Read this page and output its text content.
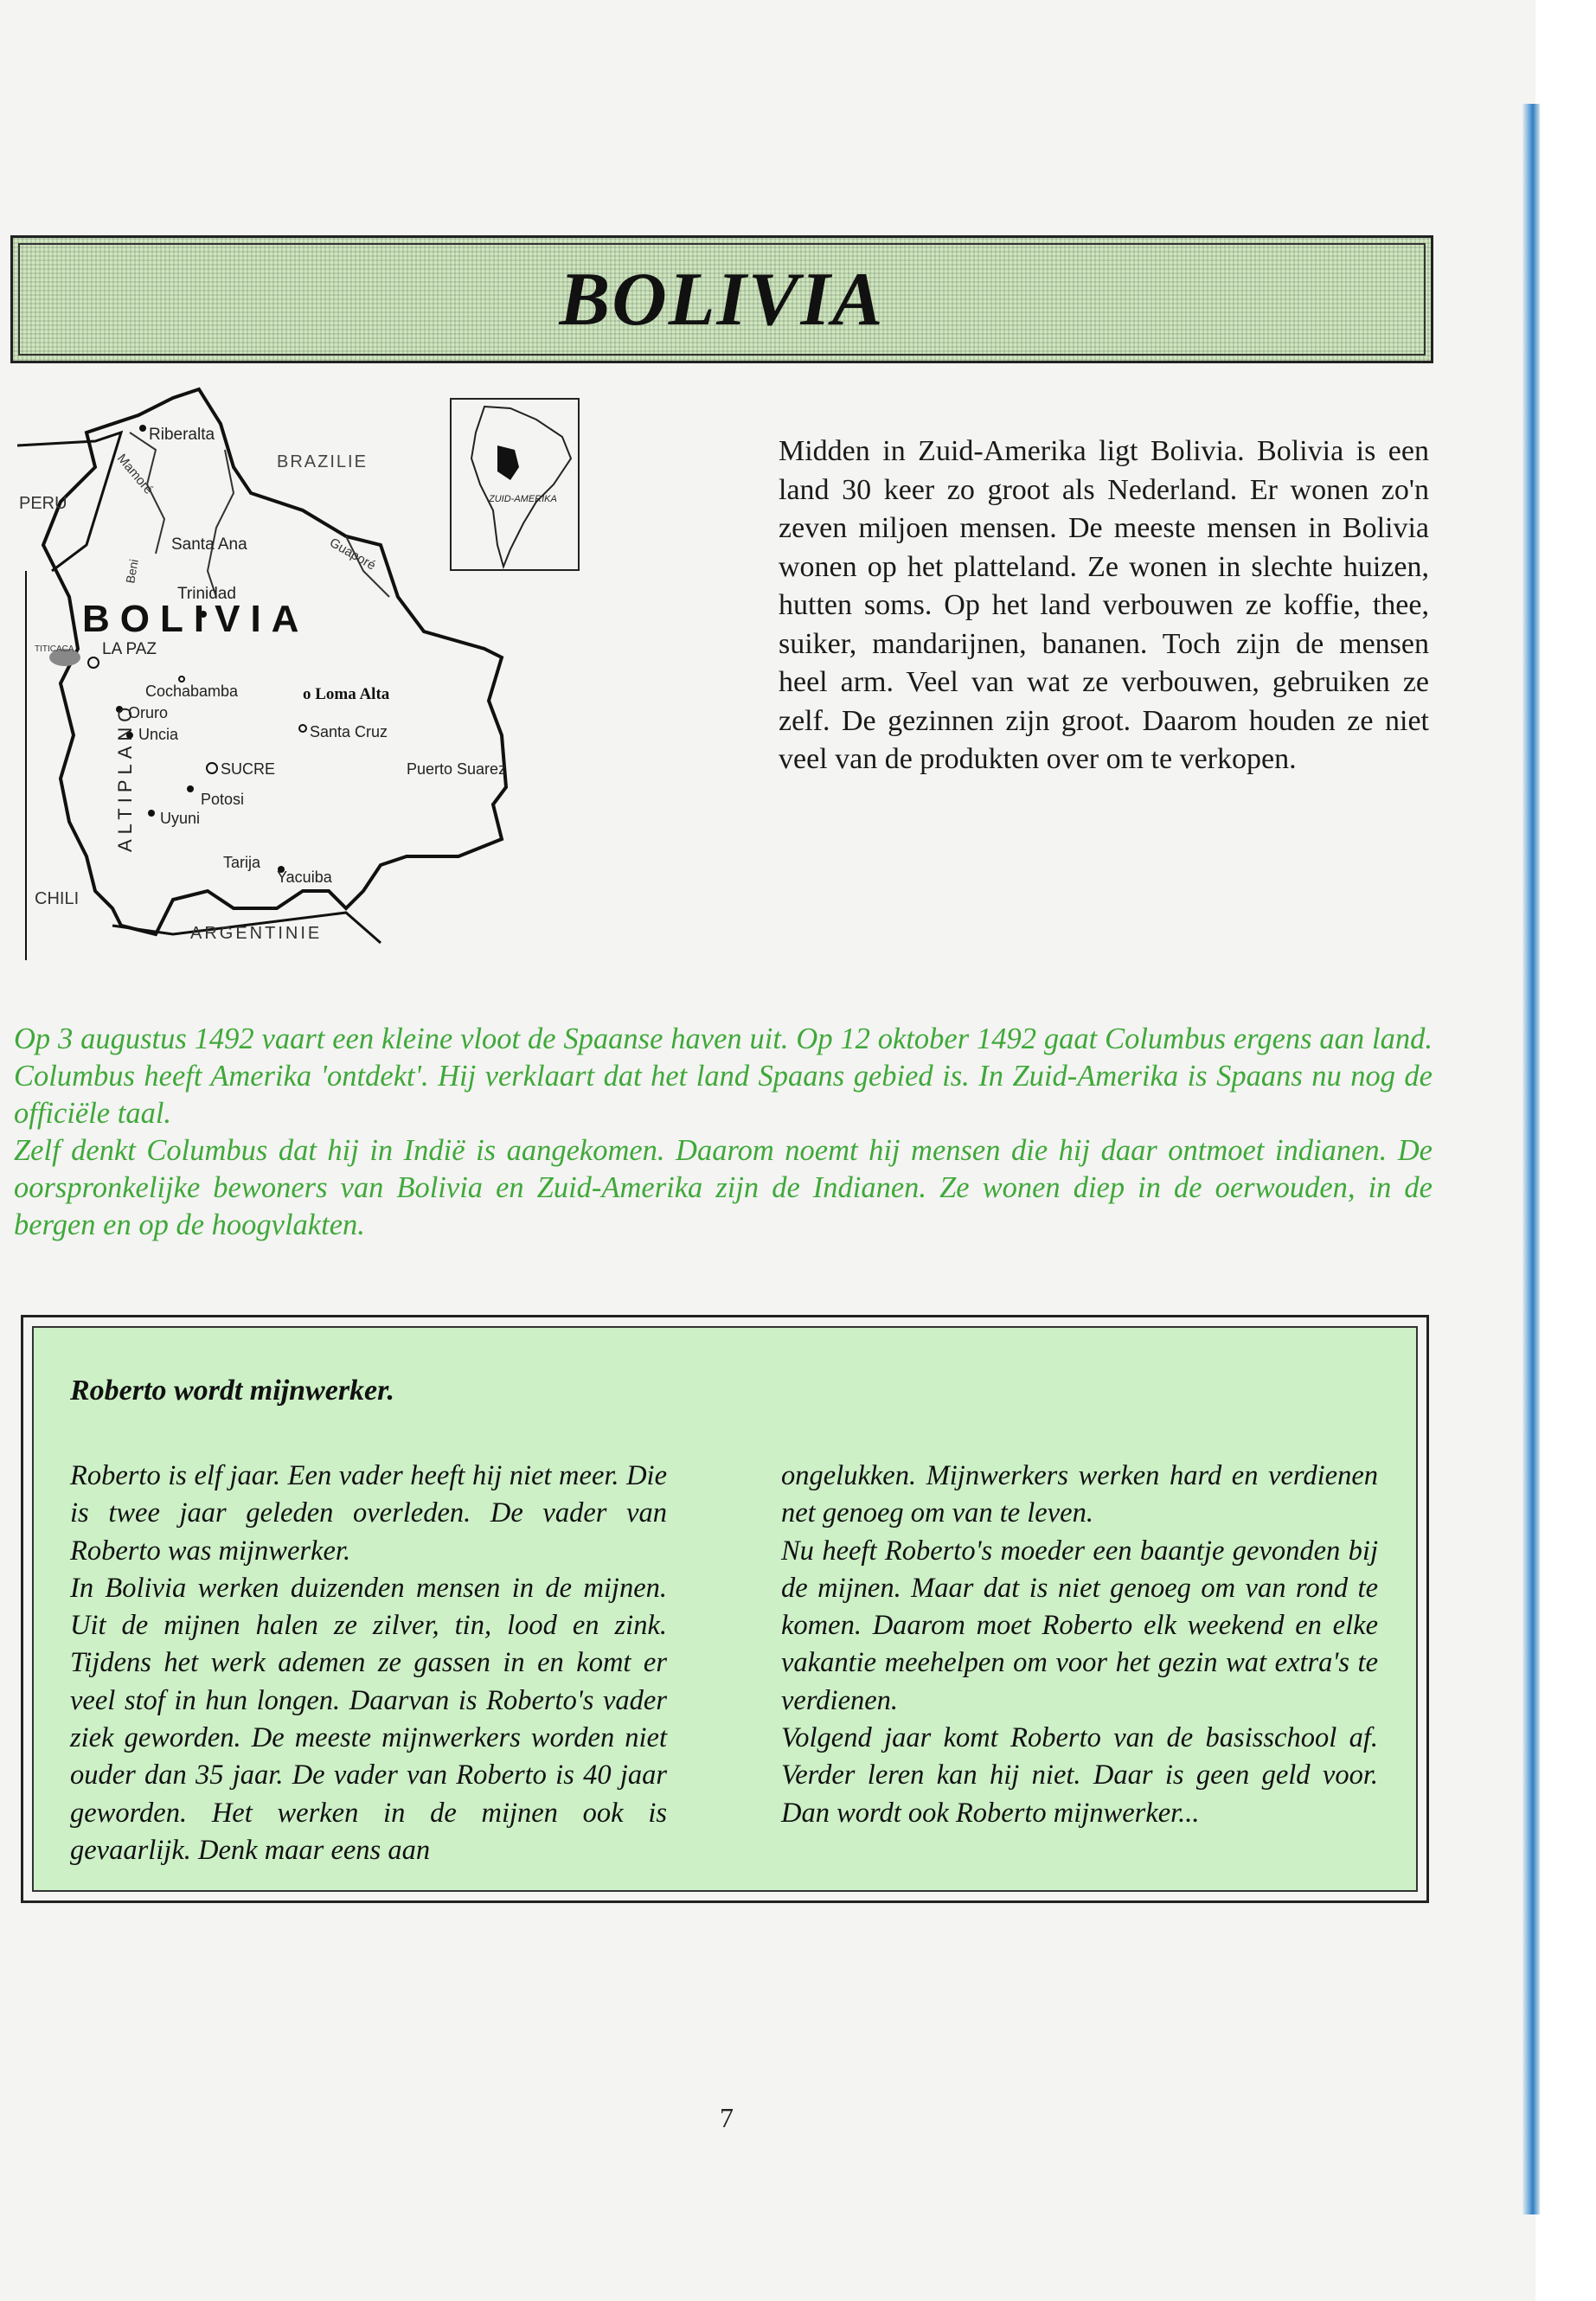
BOLIVIA
PERU
BRAZILIE
Riberalta
Santa Ana
Trinidad
Guaporé
Beni
Mamoré
BOLIVIA
TITICACA LA PAZ
Cochabamba
Oruro
Uncia
ALTIPLANO
o Loma Alta
Santa Cruz
SUCRE
Potosi
Uyuni
Puerto Suarez
Tarija
Yacuiba
CHILI
ARGENTINIE
ZUID-AMERIKA
Midden in Zuid-Amerika ligt Bolivia. Bolivia is een land 30 keer zo groot als Nederland. Er wonen zo'n zeven miljoen mensen. De meeste mensen in Bolivia wonen op het platteland. Ze wonen in slechte huizen, hutten soms. Op het land verbouwen ze koffie, thee, suiker, mandarijnen, bananen. Toch zijn de mensen heel arm. Veel van wat ze verbouwen, gebruiken ze zelf. De gezinnen zijn groot. Daarom houden ze niet veel van de produkten over om te verkopen.

Op 3 augustus 1492 vaart een kleine vloot de Spaanse haven uit. Op 12 oktober 1492 gaat Columbus ergens aan land. Columbus heeft Amerika 'ontdekt'. Hij verklaart dat het land Spaans gebied is. In Zuid-Amerika is Spaans nu nog de officiële taal.

Zelf denkt Columbus dat hij in Indië is aangekomen. Daarom noemt hij mensen die hij daar ontmoet indianen. De oorspronkelijke bewoners van Bolivia en Zuid-Amerika zijn de Indianen. Ze wonen diep in de oerwouden, in de bergen en op de hoogvlakten.

Roberto wordt mijnwerker.

Roberto is elf jaar. Een vader heeft hij niet meer. Die is twee jaar geleden overleden. De vader van Roberto was mijnwerker.

In Bolivia werken duizenden mensen in de mijnen. Uit de mijnen halen ze zilver, tin, lood en zink. Tijdens het werk ademen ze gassen in en komt er veel stof in hun longen. Daarvan is Roberto's vader ziek geworden. De meeste mijnwerkers worden niet ouder dan 35 jaar. De vader van Roberto is 40 jaar geworden. Het werken in de mijnen ook is gevaarlijk. Denk maar eens aan

ongelukken. Mijnwerkers werken hard en verdienen net genoeg om van te leven.

Nu heeft Roberto's moeder een baantje gevonden bij de mijnen. Maar dat is niet genoeg om van rond te komen. Daarom moet Roberto elk weekend en elke vakantie meehelpen om voor het gezin wat extra's te verdienen.

Volgend jaar komt Roberto van de basisschool af. Verder leren kan hij niet. Daar is geen geld voor. Dan wordt ook Roberto mijnwerker...

7
